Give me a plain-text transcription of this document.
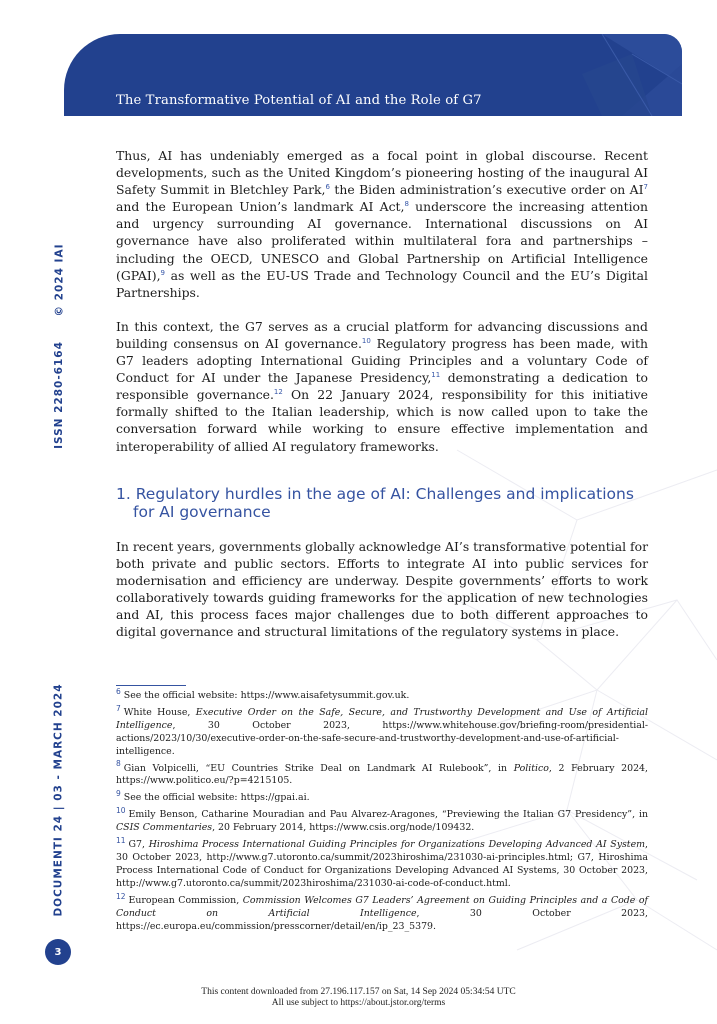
The Transformative Potential of AI and the Role of G7
© 2024 IAI
ISSN 2280-6164
DOCUMENTI 24 | 03 - MARCH 2024

Thus, AI has undeniably emerged as a focal point in global discourse. Recent developments, such as the United Kingdom’s pioneering hosting of the inaugural AI Safety Summit in Bletchley Park,$^6$ the Biden administration’s executive order on $AI^7$ and the European Union’s landmark AI Act,$^8$ underscore the increasing attention and urgency surrounding AI governance. International discussions on AI governance have also proliferated within multilateral fora and partnerships – including the OECD, UNESCO and Global Partnership on Artificial Intelligence (GPAI),$^9$ as well as the EU-US Trade and Technology Council and the EU’s Digital Partnerships.

In this context, the G7 serves as a crucial platform for advancing discussions and building consensus on AI governance.$^{10}$ Regulatory progress has been made, with G7 leaders adopting International Guiding Principles and a voluntary Code of Conduct for AI under the Japanese Presidency,$^{11}$ demonstrating a dedication to responsible governance.$^{12}$ On 22 January 2024, responsibility for this initiative formally shifted to the Italian leadership, which is now called upon to take the conversation forward while working to ensure effective implementation and interoperability of allied AI regulatory frameworks.

1. Regulatory hurdles in the age of AI: Challenges and implications
for AI governance

In recent years, governments globally acknowledge AI’s transformative potential for both private and public sectors. Efforts to integrate AI into public services for modernisation and efficiency are underway. Despite governments’ efforts to work collaboratively towards guiding frameworks for the application of new technologies and AI, this process faces major challenges due to both different approaches to digital governance and structural limitations of the regulatory systems in place.

$^6$ See the official website: https://www.aisafetysummit.gov.uk.

$^7$ White House, Executive Order on the Safe, Secure, and Trustworthy Development and Use of Artificial Intelligence, 30 October 2023, https://www.whitehouse.gov/briefing-room/presidential-actions/2023/10/30/executive-order-on-the-safe-secure-and-trustworthy-development-and-use-of-artificial-intelligence.

$^8$ Gian Volpicelli, “EU Countries Strike Deal on Landmark AI Rulebook”, in Politico, 2 February 2024, https://www.politico.eu/?p=4215105.

$^9$ See the official website: https://gpai.ai.

$^{10}$ Emily Benson, Catharine Mouradian and Pau Alvarez-Aragones, “Previewing the Italian G7 Presidency”, in CSIS Commentaries, 20 February 2014, https://www.csis.org/node/109432.

$^{11}$ G7, Hiroshima Process International Guiding Principles for Organizations Developing Advanced AI System, 30 October 2023, http://www.g7.utoronto.ca/summit/2023hiroshima/231030-ai-principles.html; G7, Hiroshima Process International Code of Conduct for Organizations Developing Advanced AI Systems, 30 October 2023, http://www.g7.utoronto.ca/summit/2023hiroshima/231030-ai-code-of-conduct.html.

$^{12}$ European Commission, Commission Welcomes G7 Leaders’ Agreement on Guiding Principles and a Code of Conduct on Artificial Intelligence, 30 October 2023, https://ec.europa.eu/commission/presscorner/detail/en/ip_23_5379.

3
This content downloaded from 27.196.117.157 on Sat, 14 Sep 2024 05:34:54 UTC
All use subject to https://about.jstor.org/terms
